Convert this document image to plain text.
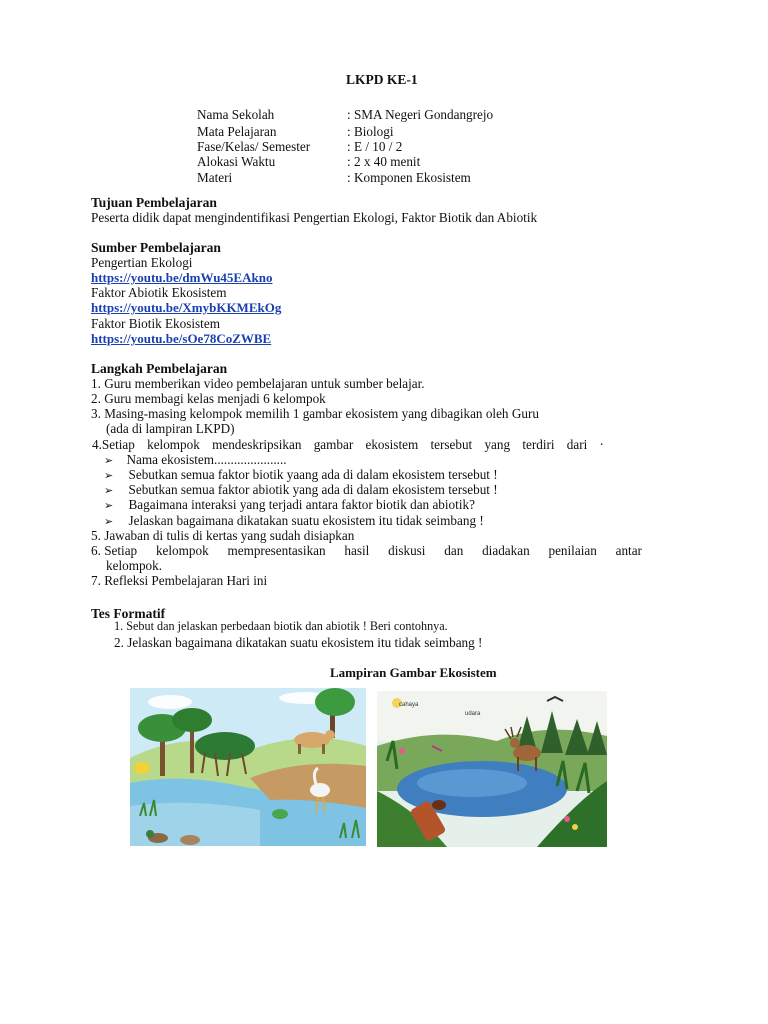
LKPD KE-1
Nama Sekolah	: SMA Negeri Gondangrejo
Mata Pelajaran	: Biologi
Fase/Kelas/ Semester	: E / 10 / 2
Alokasi Waktu	: 2 x 40 menit
Materi	: Komponen Ekosistem
Tujuan Pembelajaran
Peserta didik dapat mengindentifikasi Pengertian Ekologi, Faktor Biotik dan Abiotik
Sumber Pembelajaran
Pengertian Ekologi
https://youtu.be/dmWu45EAkno
Faktor Abiotik Ekosistem
https://youtu.be/XmybKKMEkOg
Faktor Biotik Ekosistem
https://youtu.be/sOe78CoZWBE
Langkah Pembelajaran
1. Guru memberikan video pembelajaran untuk sumber belajar.
2. Guru membagi kelas menjadi 6 kelompok
3. Masing-masing kelompok memilih 1 gambar ekosistem yang dibagikan oleh Guru
(ada di lampiran LKPD)
4.Setiap kelompok mendeskripsikan gambar ekosistem tersebut yang terdiri dari ·
➢ Nama ekosistem......................
➢ Sebutkan semua faktor biotik yaang ada di dalam ekosistem tersebut !
➢ Sebutkan semua faktor abiotik yang ada di dalam ekosistem tersebut !
➢ Bagaimana interaksi yang terjadi antara faktor biotik dan abiotik?
➢ Jelaskan bagaimana dikatakan suatu ekosistem itu tidak seimbang !
5. Jawaban di tulis di kertas yang sudah disiapkan
6. Setiap kelompok mempresentasikan hasil diskusi dan diadakan penilaian antar
kelompok.
7. Refleksi Pembelajaran Hari ini
Tes Formatif
1. Sebut dan jelaskan perbedaan biotik dan abiotik ! Beri contohnya.
2. Jelaskan bagaimana dikatakan suatu ekosistem itu tidak seimbang !
Lampiran Gambar Ekosistem
cahaya
udara
